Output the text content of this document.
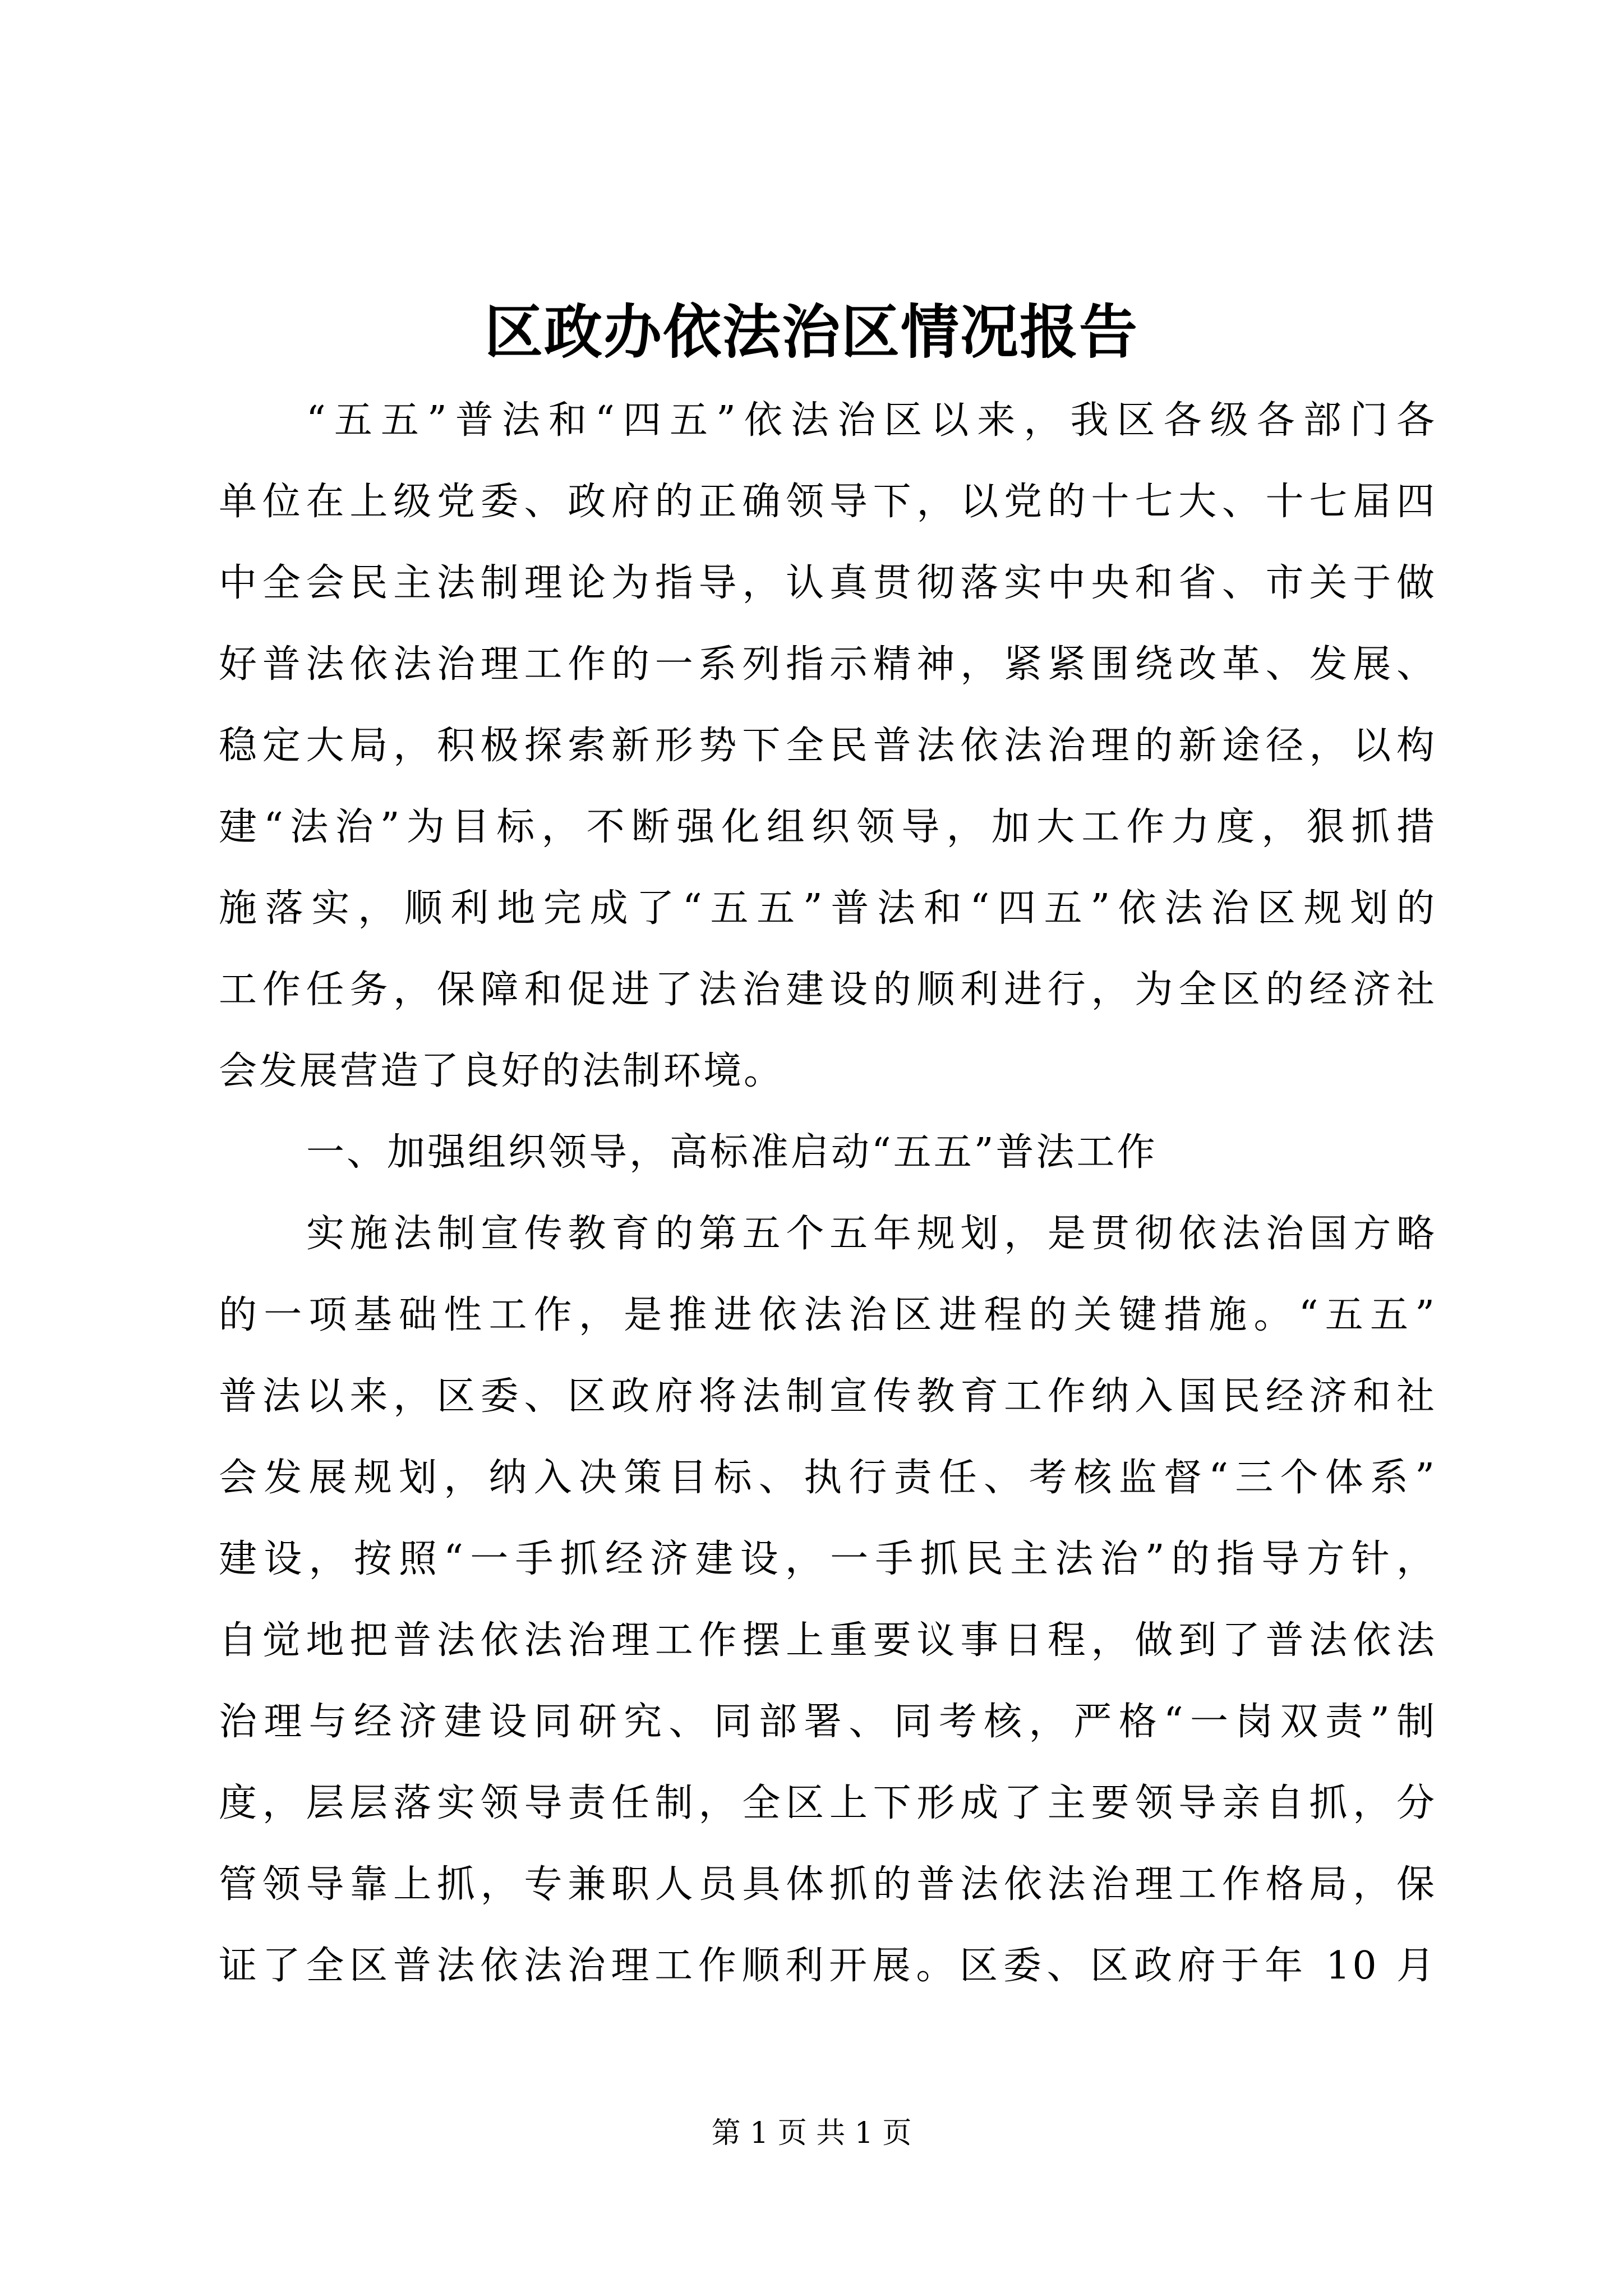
区政办依法治区情况报告
“五五”普法和“四五”依法治区以来，我区各级各部门各
单位在上级党委、政府的正确领导下，以党的十七大、十七届四
中全会民主法制理论为指导，认真贯彻落实中央和省、市关于做
好普法依法治理工作的一系列指示精神，紧紧围绕改革、发展、
稳定大局，积极探索新形势下全民普法依法治理的新途径，以构
建“法治”为目标，不断强化组织领导，加大工作力度，狠抓措
施落实，顺利地完成了“五五”普法和“四五”依法治区规划的
工作任务，保障和促进了法治建设的顺利进行，为全区的经济社
会发展营造了良好的法制环境。
一、加强组织领导，高标准启动“五五”普法工作
实施法制宣传教育的第五个五年规划，是贯彻依法治国方略
的一项基础性工作，是推进依法治区进程的关键措施。“五五”
普法以来，区委、区政府将法制宣传教育工作纳入国民经济和社
会发展规划，纳入决策目标、执行责任、考核监督“三个体系”
建设，按照“一手抓经济建设，一手抓民主法治”的指导方针，
自觉地把普法依法治理工作摆上重要议事日程，做到了普法依法
治理与经济建设同研究、同部署、同考核，严格“一岗双责”制
度，层层落实领导责任制，全区上下形成了主要领导亲自抓，分
管领导靠上抓，专兼职人员具体抓的普法依法治理工作格局，保
证了全区普法依法治理工作顺利开展。区委、区政府于年 10 月
第 1 页 共 1 页
